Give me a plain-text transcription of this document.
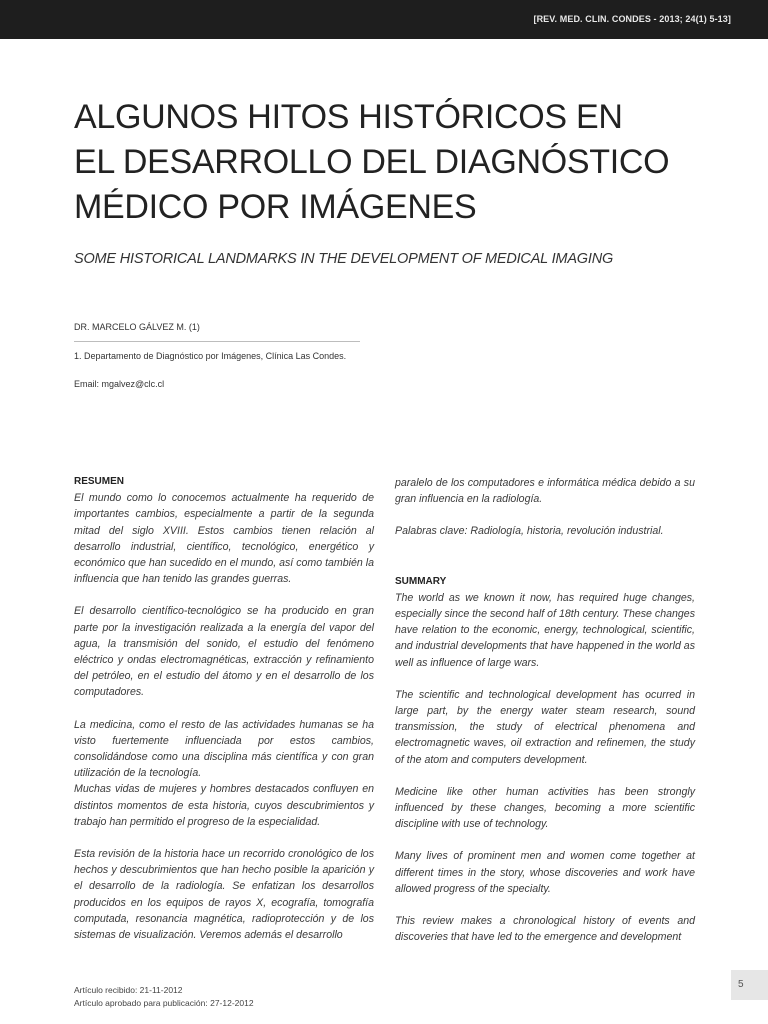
[REV. MED. CLIN. CONDES - 2013; 24(1) 5-13]
ALGUNOS HITOS HISTÓRICOS EN
EL DESARROLLO DEL DIAGNÓSTICO
MÉDICO POR IMÁGENES
SOME HISTORICAL LANDMARKS IN THE DEVELOPMENT OF MEDICAL IMAGING
DR. MARCELO GÁLVEZ M. (1)
1. Departamento de Diagnóstico por Imágenes, Clínica Las Condes.
Email: mgalvez@clc.cl
RESUMEN

El mundo como lo conocemos actualmente ha requerido de importantes cambios, especialmente a partir de la segunda mitad del siglo XVIII. Estos cambios tienen relación al desarrollo industrial, científico, tecnológico, energético y económico que han sucedido en el mundo, así como también la influencia que han tenido las grandes guerras.

El desarrollo científico-tecnológico se ha producido en gran parte por la investigación realizada a la energía del vapor del agua, la transmisión del sonido, el estudio del fenómeno eléctrico y ondas electromagnéticas, extracción y refinamiento del petróleo, en el estudio del átomo y en el desarrollo de los computadores.

La medicina, como el resto de las actividades humanas se ha visto fuertemente influenciada por estos cambios, consolidándose como una disciplina más científica y con gran utilización de la tecnología.

Muchas vidas de mujeres y hombres destacados confluyen en distintos momentos de esta historia, cuyos descubrimientos y trabajo han permitido el progreso de la especialidad.

Esta revisión de la historia hace un recorrido cronológico de los hechos y descubrimientos que han hecho posible la aparición y el desarrollo de la radiología. Se enfatizan los desarrollos producidos en los equipos de rayos X, ecografía, tomografía computada, resonancia magnética, radioprotección y de los sistemas de visualización. Veremos además el desarrollo

paralelo de los computadores e informática médica debido a su gran influencia en la radiología.

Palabras clave: Radiología, historia, revolución industrial.

SUMMARY

The world as we known it now, has required huge changes, especially since the second half of 18th century. These changes have relation to the economic, energy, technological, scientific, and industrial developments that have happened in the world as well as influence of large wars.

The scientific and technological development has ocurred in large part, by the energy water steam research, sound transmission, the study of electrical phenomena and electromagnetic waves, oil extraction and refinemen, the study of the atom and computers development.

Medicine like other human activities has been strongly influenced by these changes, becoming a more scientific discipline with use of technology.

Many lives of prominent men and women come together at different times in the story, whose discoveries and work have allowed progress of the specialty.

This review makes a chronological history of events and discoveries that have led to the emergence and development

Artículo recibido: 21-11-2012
Artículo aprobado para publicación: 27-12-2012
5
